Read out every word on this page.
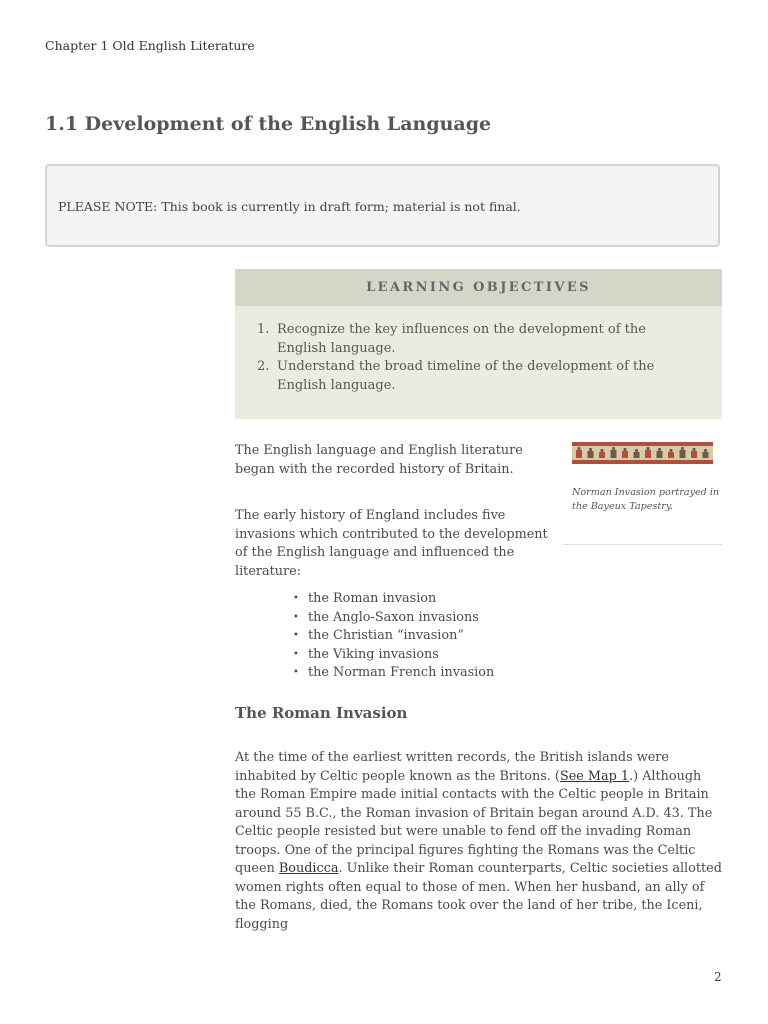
Chapter 1 Old English Literature
1.1 Development of the English Language
PLEASE NOTE: This book is currently in draft form; material is not final.
LEARNING OBJECTIVES
1. Recognize the key influences on the development of the English language.
2. Understand the broad timeline of the development of the English language.

The English language and English literature began with the recorded history of Britain.

The early history of England includes five invasions which contributed to the development of the English language and influenced the literature:

Norman Invasion portrayed in the Bayeux Tapestry.
• the Roman invasion
• the Anglo-Saxon invasions
• the Christian “invasion”
• the Viking invasions
• the Norman French invasion
The Roman Invasion

At the time of the earliest written records, the British islands were inhabited by Celtic people known as the Britons. (See Map 1.) Although the Roman Empire made initial contacts with the Celtic people in Britain around 55 B.C., the Roman invasion of Britain began around A.D. 43. The Celtic people resisted but were unable to fend off the invading Roman troops. One of the principal figures fighting the Romans was the Celtic queen Boudicca. Unlike their Roman counterparts, Celtic societies allotted women rights often equal to those of men. When her husband, an ally of the Romans, died, the Romans took over the land of her tribe, the Iceni, flogging

2
